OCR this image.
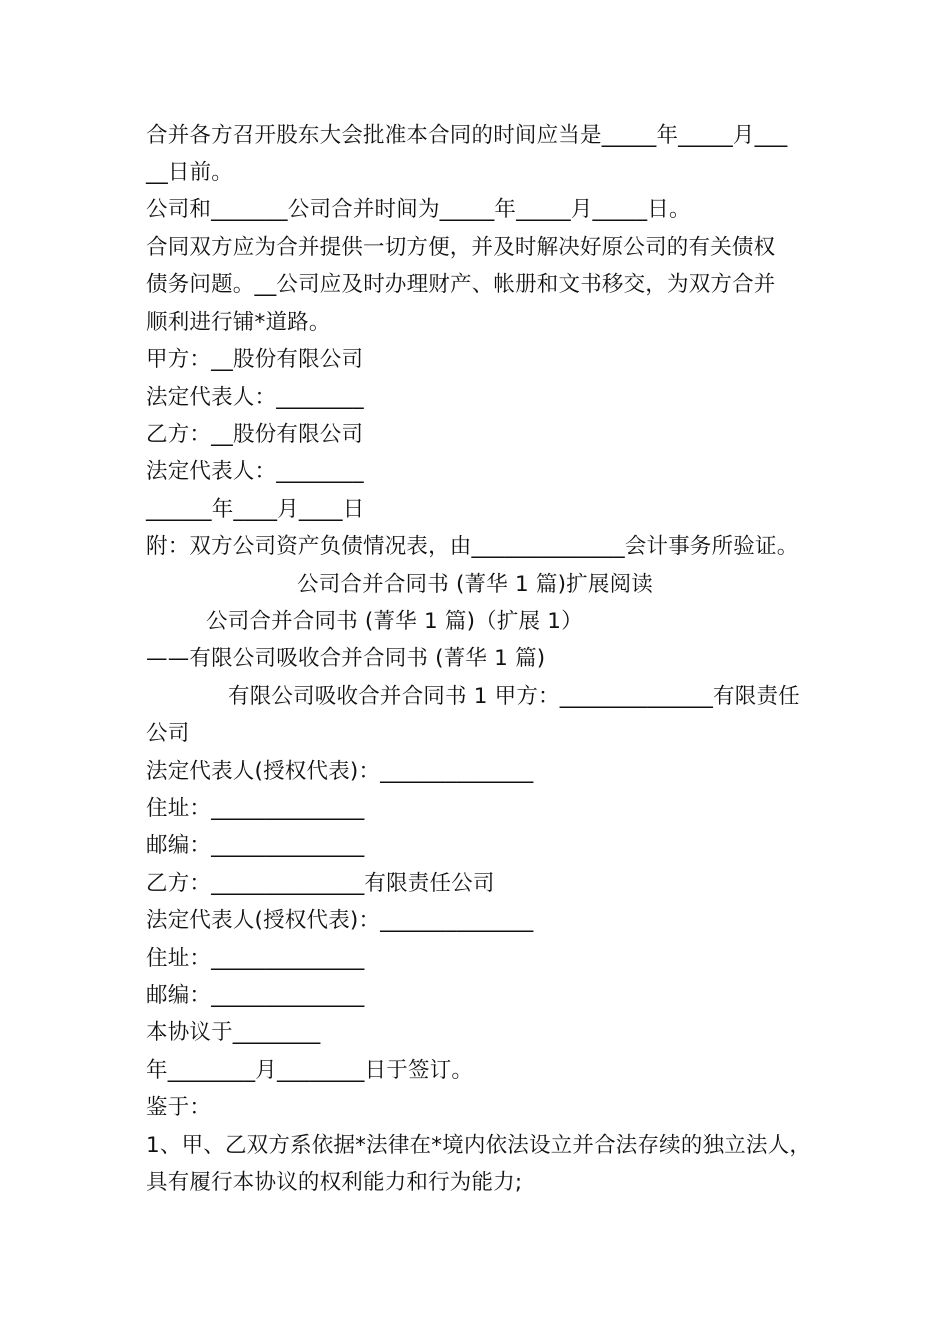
合并各方召开股东大会批准本合同的时间应当是_____年_____月___
__日前。
公司和_______公司合并时间为_____年_____月_____日。
合同双方应为合并提供一切方便，并及时解决好原公司的有关债权
债务问题。__公司应及时办理财产、帐册和文书移交，为双方合并
顺利进行铺*道路。
甲方：__股份有限公司
法定代表人：________
乙方：__股份有限公司
法定代表人：________
______年____月____日
附：双方公司资产负债情况表，由______________会计事务所验证。
公司合并合同书 (菁华 1 篇)扩展阅读
公司合并合同书 (菁华 1 篇)（扩展 1）
——有限公司吸收合并合同书 (菁华 1 篇)
有限公司吸收合并合同书 1 甲方：______________有限责任
公司
法定代表人(授权代表)：______________
住址：______________
邮编：______________
乙方：______________有限责任公司
法定代表人(授权代表)：______________
住址：______________
邮编：______________
本协议于________
年________月________日于签订。
鉴于：
1、甲、乙双方系依据*法律在*境内依法设立并合法存续的独立法人，
具有履行本协议的权利能力和行为能力;
